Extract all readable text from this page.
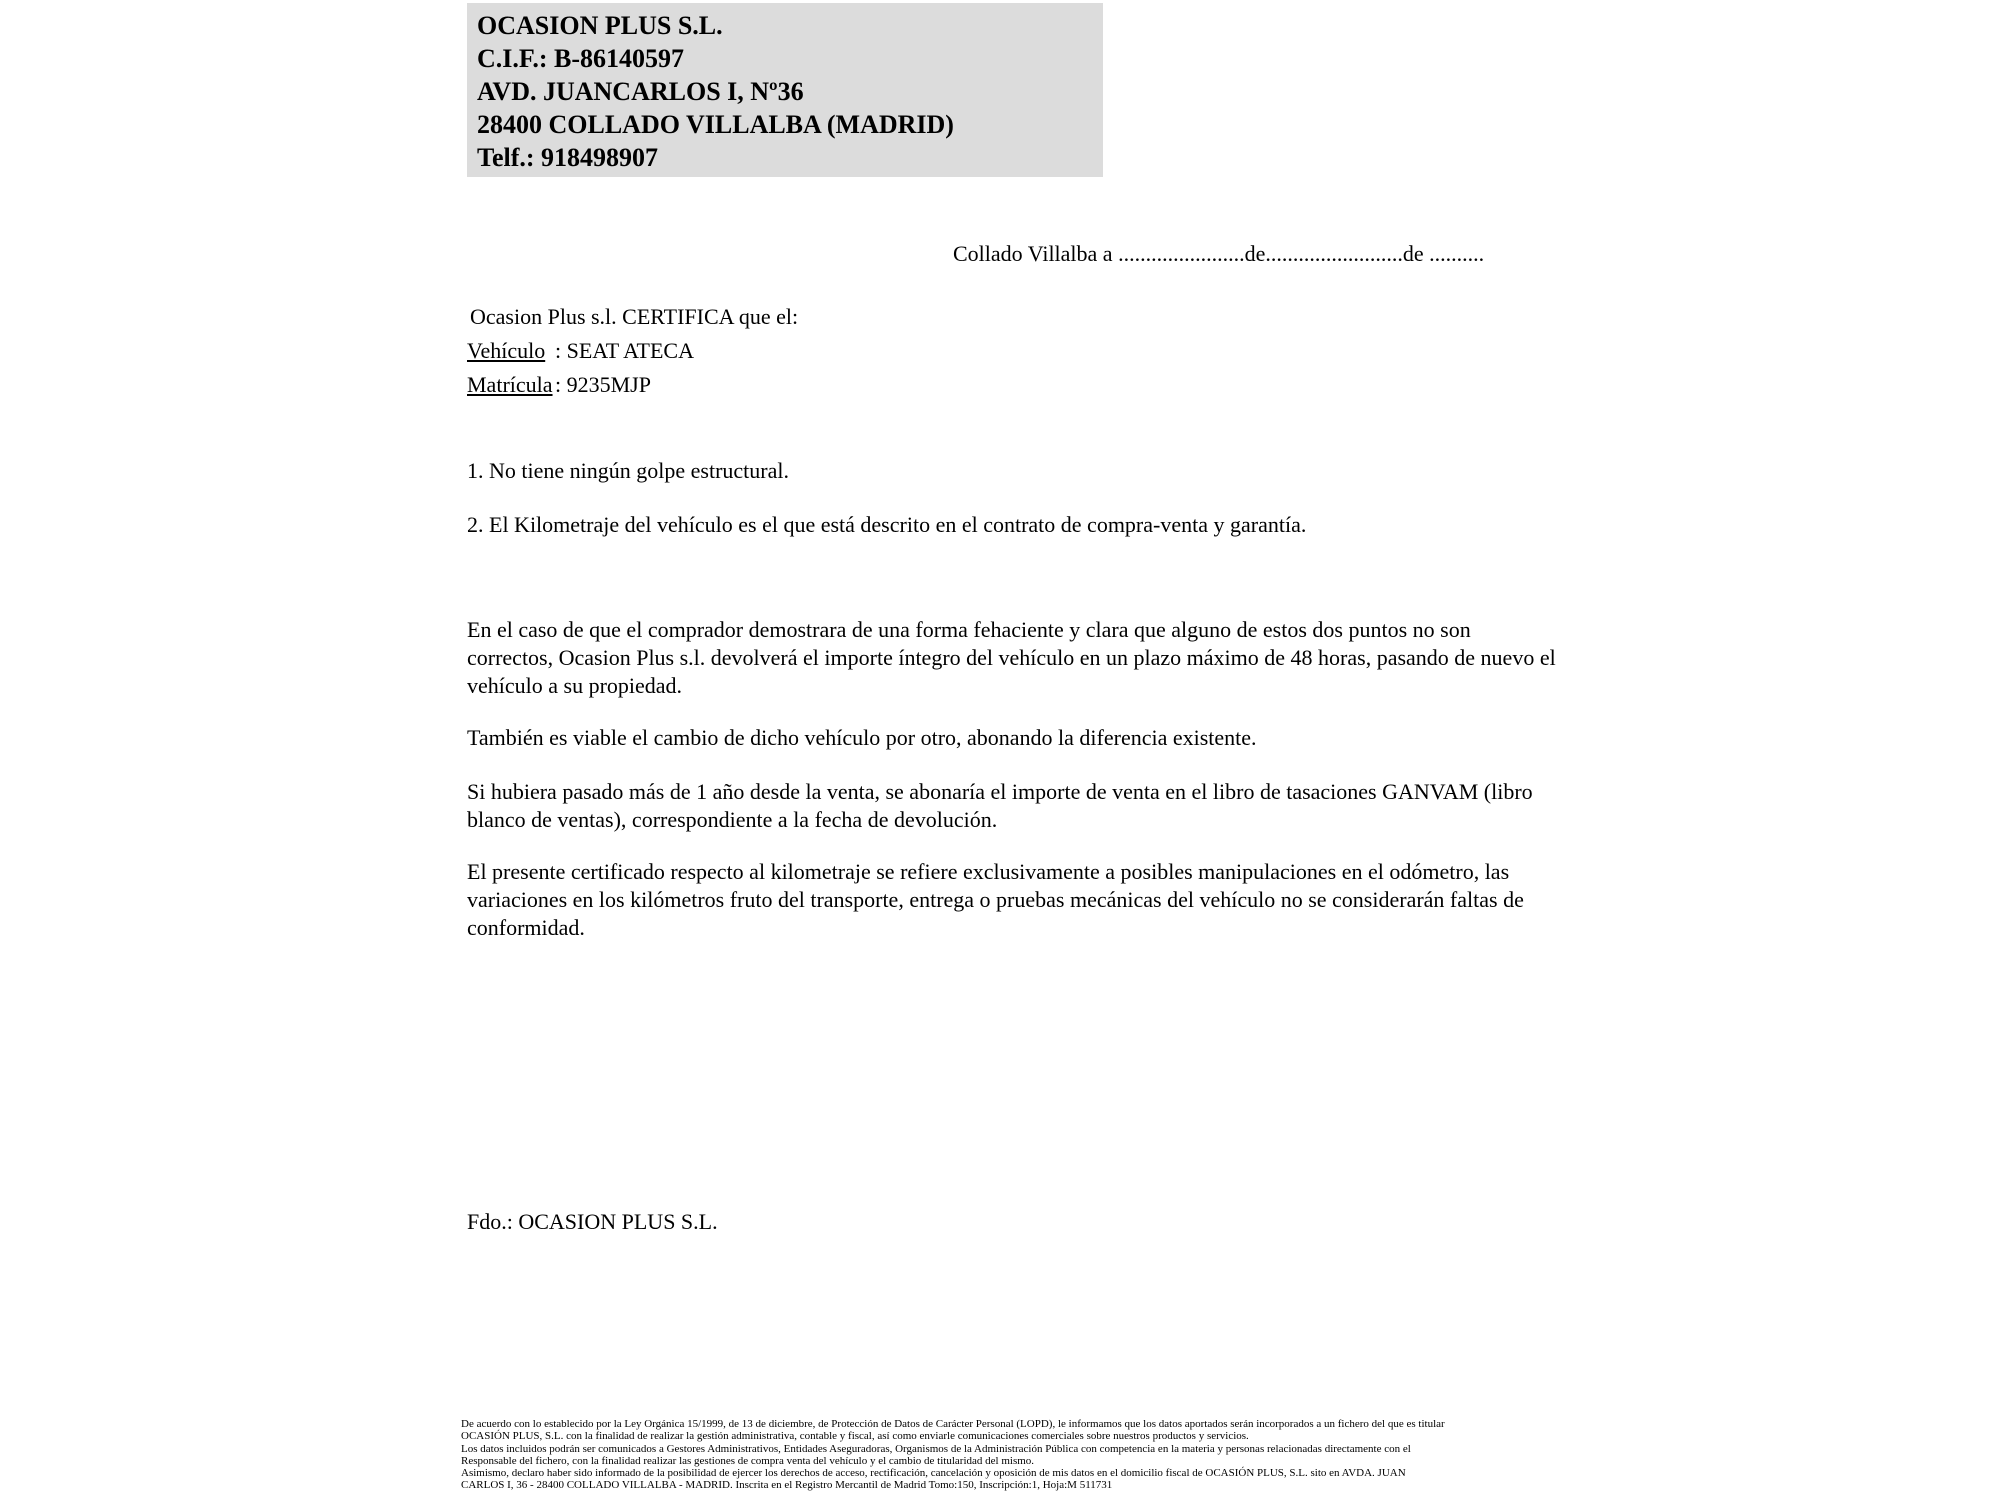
OCASION PLUS S.L.
C.I.F.: B-86140597
AVD. JUANCARLOS I, Nº36
28400 COLLADO VILLALBA (MADRID)
Telf.: 918498907
Collado Villalba a .......................de.........................de ..........
Ocasion Plus s.l. CERTIFICA que el:
Vehículo : SEAT ATECA
Matrícula : 9235MJP
1. No tiene ningún golpe estructural.
2. El Kilometraje del vehículo es el que está descrito en el contrato de compra-venta y garantía.
En el caso de que el comprador demostrara de una forma fehaciente y clara que alguno de estos dos puntos no son correctos, Ocasion Plus s.l. devolverá el importe íntegro del vehículo en un plazo máximo de 48 horas, pasando de nuevo el vehículo a su propiedad.
También es viable el cambio de dicho vehículo por otro, abonando la diferencia existente.
Si hubiera pasado más de 1 año desde la venta, se abonaría el importe de venta en el libro de tasaciones GANVAM (libro blanco de ventas), correspondiente a la fecha de devolución.
El presente certificado respecto al kilometraje se refiere exclusivamente a posibles manipulaciones en el odómetro, las variaciones en los kilómetros fruto del transporte, entrega o pruebas mecánicas del vehículo no se considerarán faltas de conformidad.
Fdo.: OCASION PLUS S.L.
De acuerdo con lo establecido por la Ley Orgánica 15/1999, de 13 de diciembre, de Protección de Datos de Carácter Personal (LOPD), le informamos que los datos aportados serán incorporados a un fichero del que es titular
OCASIÓN PLUS, S.L. con la finalidad de realizar la gestión administrativa, contable y fiscal, así como enviarle comunicaciones comerciales sobre nuestros productos y servicios.
Los datos incluidos podrán ser comunicados a Gestores Administrativos, Entidades Aseguradoras, Organismos de la Administración Pública con competencia en la materia y personas relacionadas directamente con el
Responsable del fichero, con la finalidad realizar las gestiones de compra venta del vehículo y el cambio de titularidad del mismo.
Asimismo, declaro haber sido informado de la posibilidad de ejercer los derechos de acceso, rectificación, cancelación y oposición de mis datos en el domicilio fiscal de OCASIÓN PLUS, S.L. sito en AVDA. JUAN
CARLOS I, 36 - 28400 COLLADO VILLALBA - MADRID. Inscrita en el Registro Mercantil de Madrid Tomo:150, Inscripción:1, Hoja:M 511731
